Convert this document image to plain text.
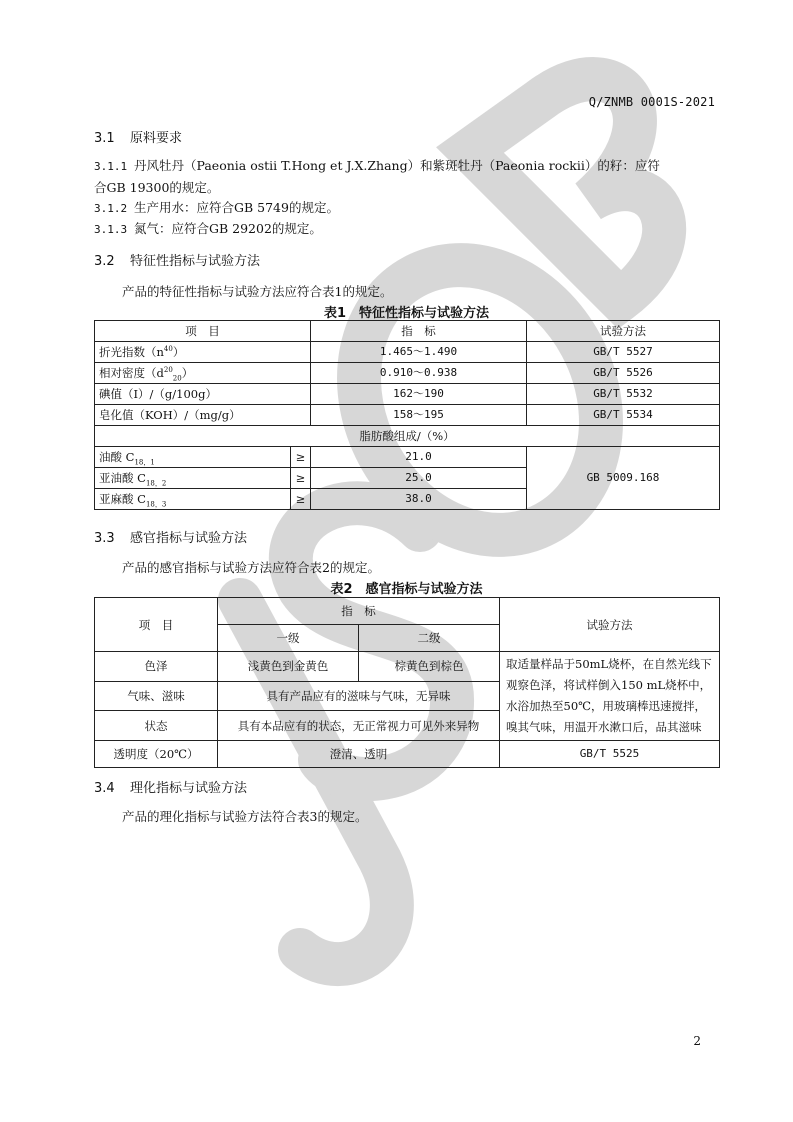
Q/ZNMB 0001S-2021
3.1 原料要求
3.1.1 丹风牡丹（Paeonia ostii T.Hong et J.X.Zhang）和紫斑牡丹（Paeonia rockii）的籽：应符
合GB 19300的规定。
3.1.2 生产用水：应符合GB 5749的规定。
3.1.3 氮气：应符合GB 29202的规定。
3.2 特征性指标与试验方法
产品的特征性指标与试验方法应符合表1的规定。
表1　特征性指标与试验方法
项　目		指　标	试验方法
折光指数$(n^{40})$		1.465～1.490	GB/T 5527
相对密度$(d^{20}_{20})$		0.910～0.938	GB/T 5526
碘值（I）/（g/100g）		162～190	GB/T 5532
皂化值（KOH）/（mg/g）		158～195	GB/T 5534
脂肪酸组成/（%）			
油酸 $C_{18,1}$	≥	21.0	GB 5009.168
亚油酸 $C_{18,2}$	≥	25.0	
亚麻酸 $C_{18,3}$	≥	38.0	
3.3 感官指标与试验方法
产品的感官指标与试验方法应符合表2的规定。
表2　感官指标与试验方法
项　目	指　标		试验方法
	一级	二级	
色泽	浅黄色到金黄色	棕黄色到棕色	取适量样品于50mL烧杯，在自然光线下
观察色泽，将试样倒入150 mL烧杯中，
水浴加热至50℃，用玻璃棒迅速搅拌，
嗅其气味，用温开水漱口后，品其滋味

气味、滋味	具有产品应有的滋味与气味，无异味		
状态	具有本品应有的状态，无正常视力可见外来异物		
透明度（20℃）	澄清、透明		GB/T 5525
3.4 理化指标与试验方法
产品的理化指标与试验方法符合表3的规定。
2
